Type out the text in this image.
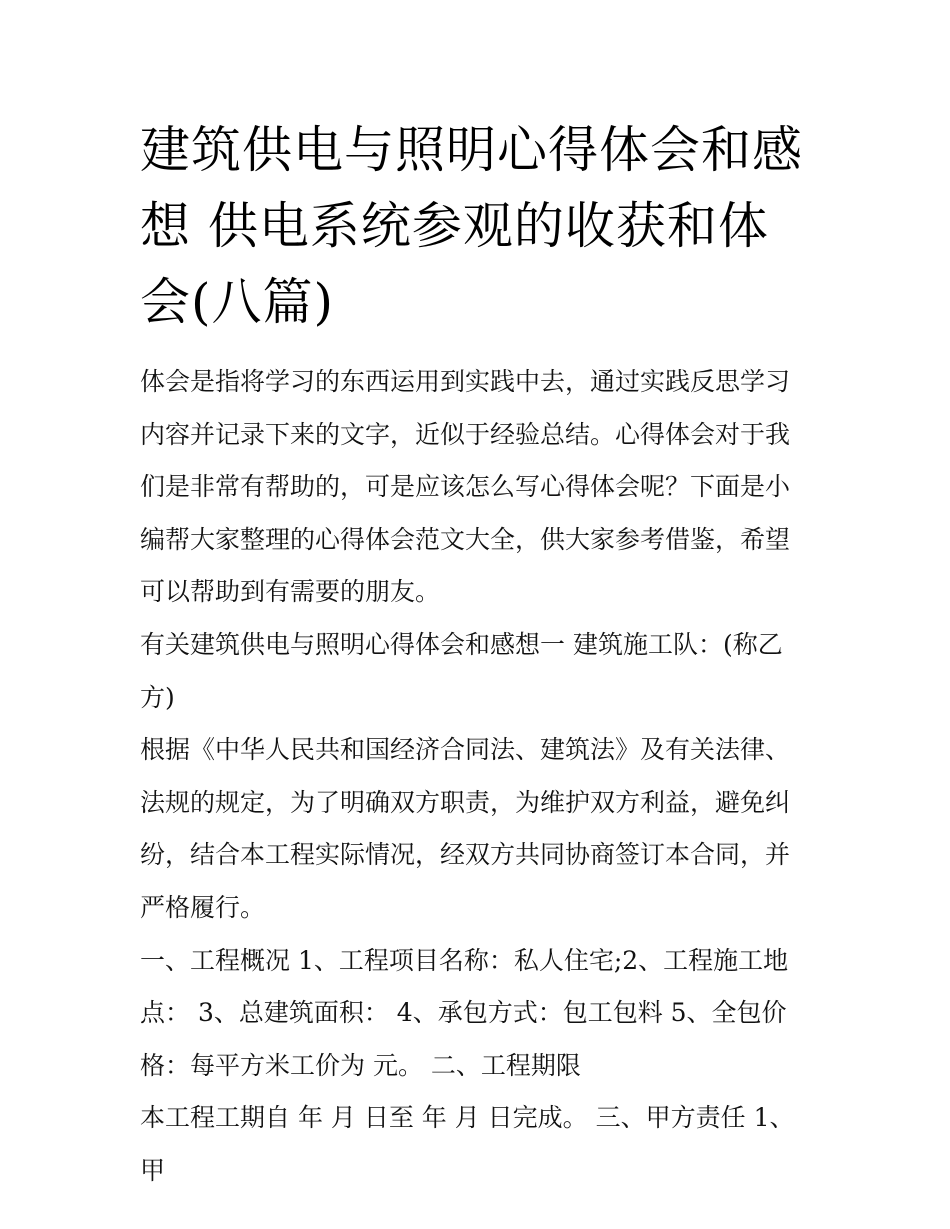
建筑供电与照明心得体会和感想 供电系统参观的收获和体会(八篇)

体会是指将学习的东西运用到实践中去，通过实践反思学习内容并记录下来的文字，近似于经验总结。心得体会对于我们是非常有帮助的，可是应该怎么写心得体会呢？下面是小编帮大家整理的心得体会范文大全，供大家参考借鉴，希望可以帮助到有需要的朋友。

有关建筑供电与照明心得体会和感想一 建筑施工队：(称乙方)

根据《中华人民共和国经济合同法、建筑法》及有关法律、法规的规定，为了明确双方职责，为维护双方利益，避免纠纷，结合本工程实际情况，经双方共同协商签订本合同，并严格履行。

一、工程概况 1、工程项目名称：私人住宅;2、工程施工地点： 3、总建筑面积： 4、承包方式：包工包料 5、全包价格：每平方米工价为 元。 二、工程期限

本工程工期自 年 月 日至 年 月 日完成。 三、甲方责任 1、甲
